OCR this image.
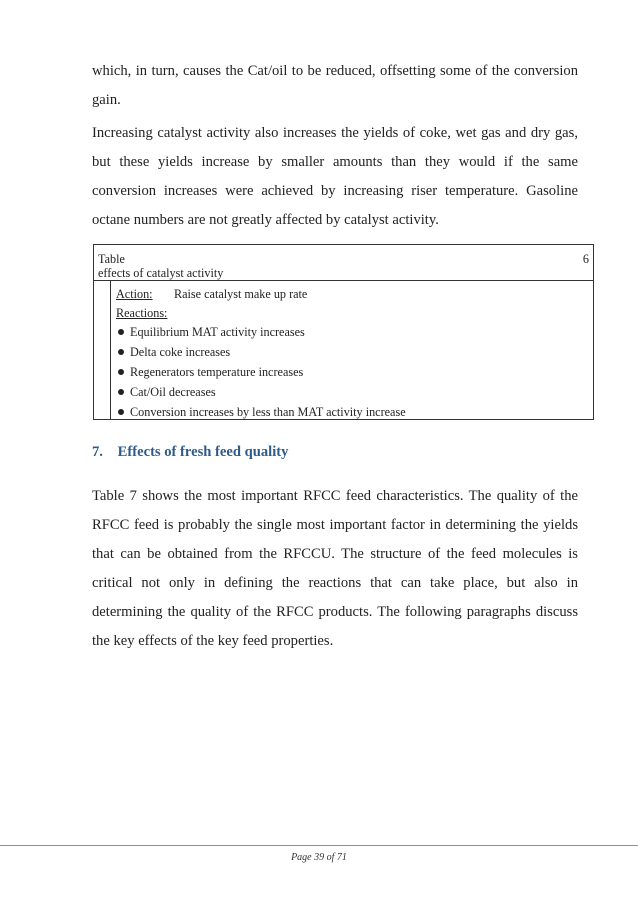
which, in turn, causes the Cat/oil to be reduced, offsetting some of the conversion gain.
Increasing catalyst activity also increases the yields of coke, wet gas and dry gas, but these yields increase by smaller amounts than they would if the same conversion increases were achieved by increasing riser temperature. Gasoline octane numbers are not greatly affected by catalyst activity.
Table
effects of catalyst activity
6
Action: Raise catalyst make up rate
Reactions:
Equilibrium MAT activity increases
Delta coke increases
Regenerators temperature increases
Cat/Oil decreases
Conversion increases by less than MAT activity increase
7. Effects of fresh feed quality
Table 7 shows the most important RFCC feed characteristics. The quality of the RFCC feed is probably the single most important factor in determining the yields that can be obtained from the RFCCU. The structure of the feed molecules is critical not only in defining the reactions that can take place, but also in determining the quality of the RFCC products. The following paragraphs discuss the key effects of the key feed properties.
Page 39 of 71
